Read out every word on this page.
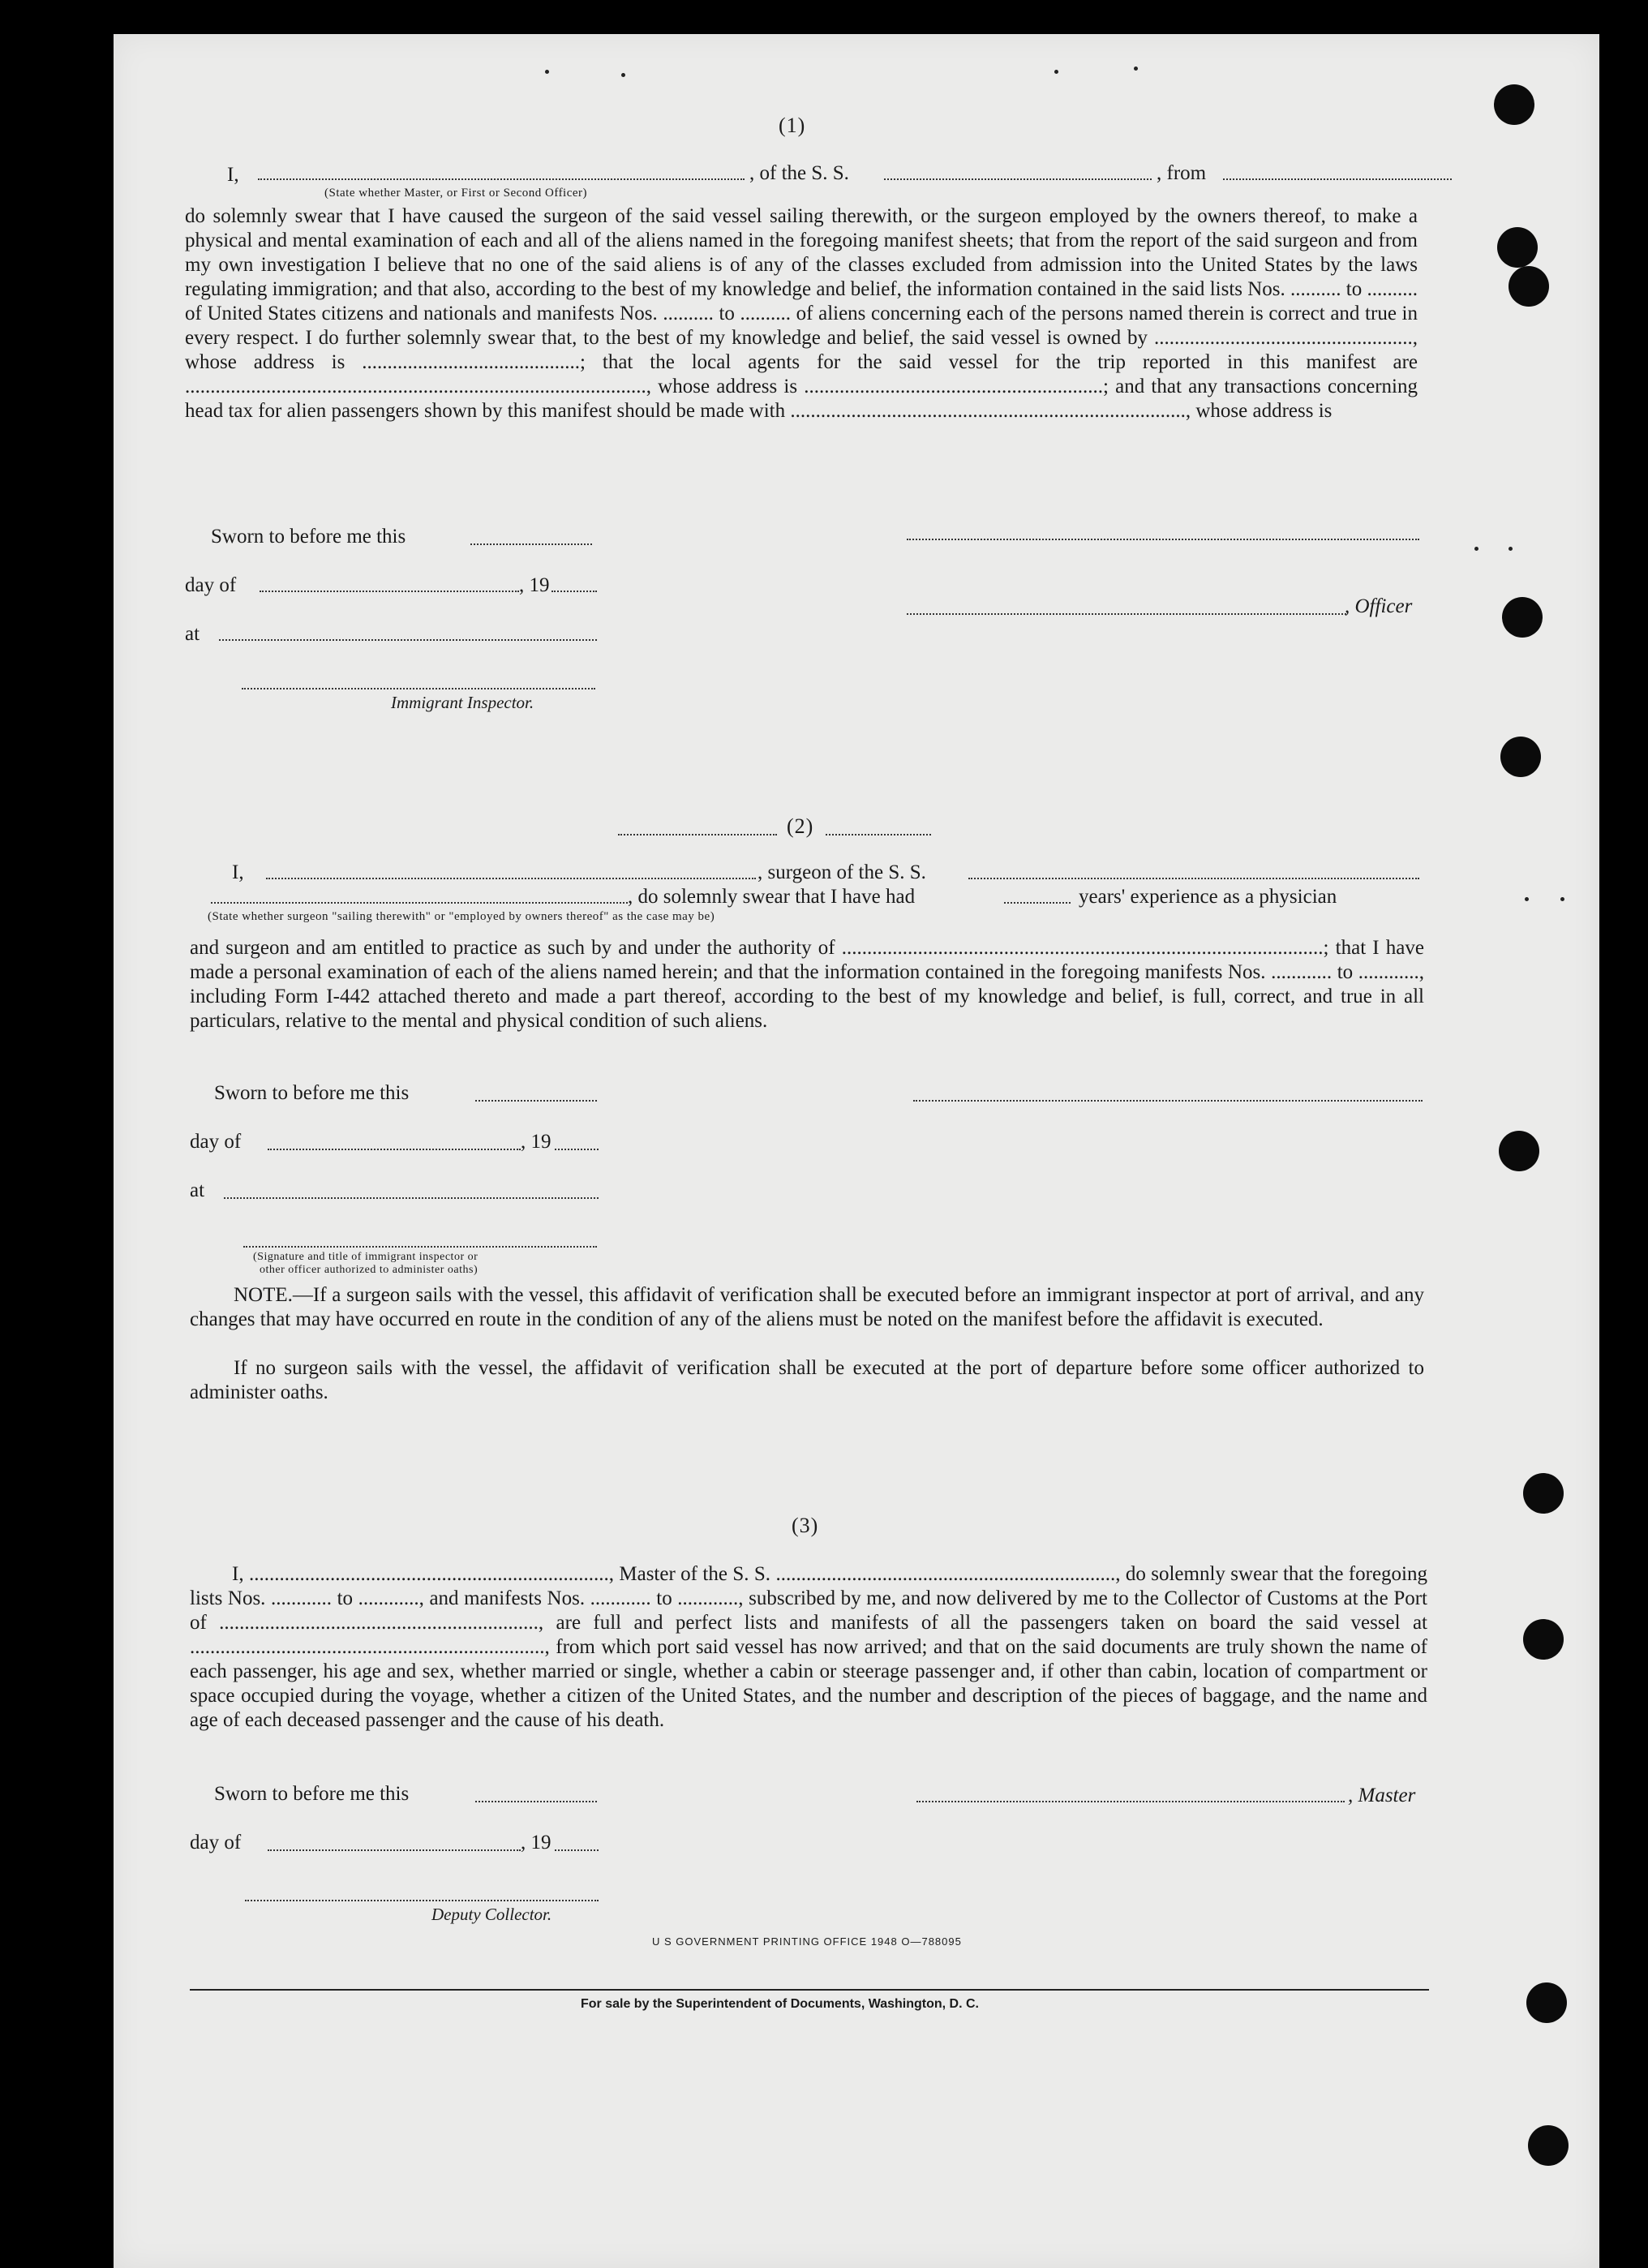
(1)
I,	, of the S. S.	, from
(State whether Master, or First or Second Officer)
do solemnly swear that I have caused the surgeon of the said vessel sailing therewith, or the surgeon employed by the owners thereof, to make a physical and mental examination of each and all of the aliens named in the foregoing manifest sheets; that from the report of the said surgeon and from my own investigation I believe that no one of the said aliens is of any of the classes excluded from admission into the United States by the laws regulating immigration; and that also, according to the best of my knowledge and belief, the information contained in the said lists Nos. .......... to .......... of United States citizens and nationals and manifests Nos. .......... to .......... of aliens concerning each of the persons named therein is correct and true in every respect. I do further solemnly swear that, to the best of my knowledge and belief, the said vessel is owned by ..................................................., whose address is ...........................................; that the local agents for the said vessel for the trip reported in this manifest are ..........................................................................................., whose address is ...........................................................; and that any transactions concerning head tax for alien passengers shown by this manifest should be made with .............................................................................., whose address is
Sworn to before me this
day of	, 19
, Officer
at
Immigrant Inspector.
(2)
I,	, surgeon of the S. S.
, do solemnly swear that I have had	years' experience as a physician
(State whether surgeon "sailing therewith" or "employed by owners thereof" as the case may be)
and surgeon and am entitled to practice as such by and under the authority of ...............................................................................................; that I have made a personal examination of each of the aliens named herein; and that the information contained in the foregoing manifests Nos. ............ to ............, including Form I-442 attached thereto and made a part thereof, according to the best of my knowledge and belief, is full, correct, and true in all particulars, relative to the mental and physical condition of such aliens.
Sworn to before me this
day of	, 19
at
(Signature and title of immigrant inspector or
other officer authorized to administer oaths)
NOTE.—If a surgeon sails with the vessel, this affidavit of verification shall be executed before an immigrant inspector at port of arrival, and any changes that may have occurred en route in the condition of any of the aliens must be noted on the manifest before the affidavit is executed.
If no surgeon sails with the vessel, the affidavit of verification shall be executed at the port of departure before some officer authorized to administer oaths.
(3)
I, ......................................................................., Master of the S. S. ..................................................................., do solemnly swear that the foregoing lists Nos. ............ to ............, and manifests Nos. ............ to ............, subscribed by me, and now delivered by me to the Collector of Customs at the Port of ..............................................................., are full and perfect lists and manifests of all the passengers taken on board the said vessel at ......................................................................, from which port said vessel has now arrived; and that on the said documents are truly shown the name of each passenger, his age and sex, whether married or single, whether a cabin or steerage passenger and, if other than cabin, location of compartment or space occupied during the voyage, whether a citizen of the United States, and the number and description of the pieces of baggage, and the name and age of each deceased passenger and the cause of his death.
Sworn to before me this	, Master
day of	, 19
Deputy Collector.
U S GOVERNMENT PRINTING OFFICE 1948 O—788095
For sale by the Superintendent of Documents, Washington, D. C.
